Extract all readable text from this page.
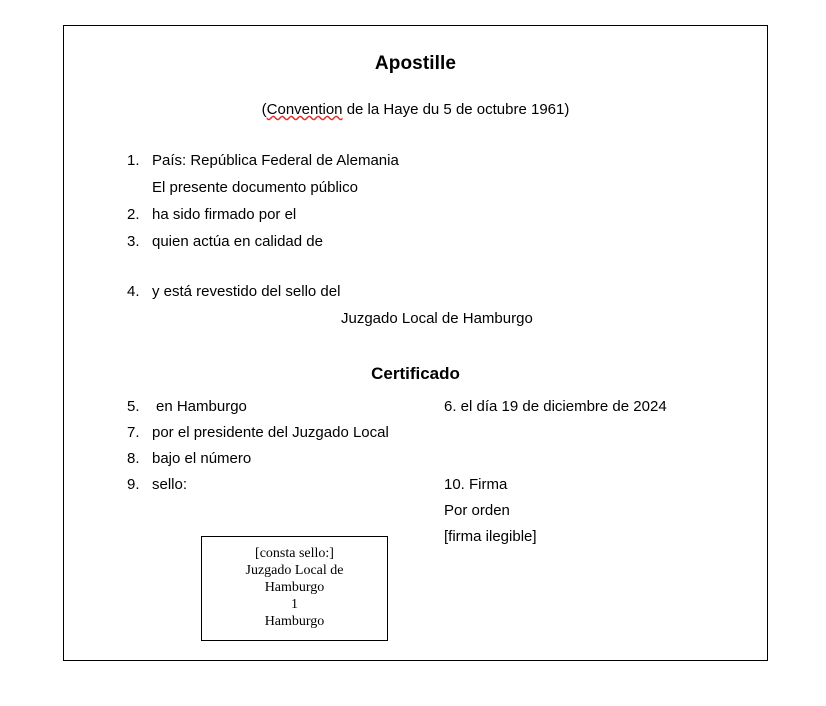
Apostille
(Convention de la Haye du 5 de octubre 1961)
1. País: República Federal de Alemania
El presente documento público
2. ha sido firmado por el
3. quien actúa en calidad de
4. y está revestido del sello del
Juzgado Local de Hamburgo
5.	en Hamburgo
7. por el presidente del Juzgado Local
8. bajo el número
9. sello:
6. el día 19 de diciembre de 2024
10. Firma
Por orden
[firma ilegible]
Certificado
[consta sello:]
Juzgado Local de
Hamburgo
1
Hamburgo
